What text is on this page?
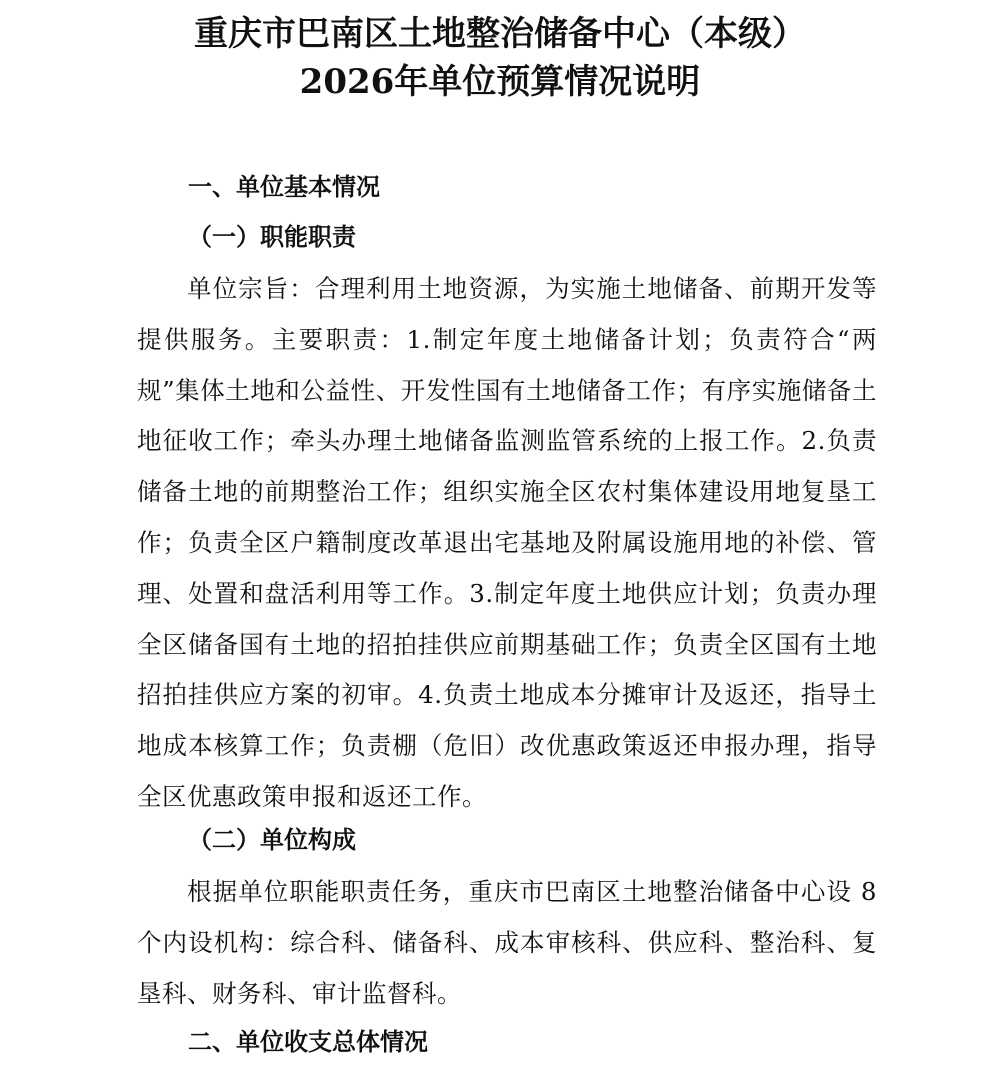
重庆市巴南区土地整治储备中心（本级）
2026年单位预算情况说明
一、单位基本情况
（一）职能职责

单位宗旨：合理利用土地资源，为实施土地储备、前期开发等提供服务。主要职责：1.制定年度土地储备计划；负责符合“两规”集体土地和公益性、开发性国有土地储备工作；有序实施储备土地征收工作；牵头办理土地储备监测监管系统的上报工作。2.负责储备土地的前期整治工作；组织实施全区农村集体建设用地复垦工作；负责全区户籍制度改革退出宅基地及附属设施用地的补偿、管理、处置和盘活利用等工作。3.制定年度土地供应计划；负责办理全区储备国有土地的招拍挂供应前期基础工作；负责全区国有土地招拍挂供应方案的初审。4.负责土地成本分摊审计及返还，指导土地成本核算工作；负责棚（危旧）改优惠政策返还申报办理，指导全区优惠政策申报和返还工作。

（二）单位构成

根据单位职能职责任务，重庆市巴南区土地整治储备中心设 8个内设机构：综合科、储备科、成本审核科、供应科、整治科、复垦科、财务科、审计监督科。

二、单位收支总体情况
